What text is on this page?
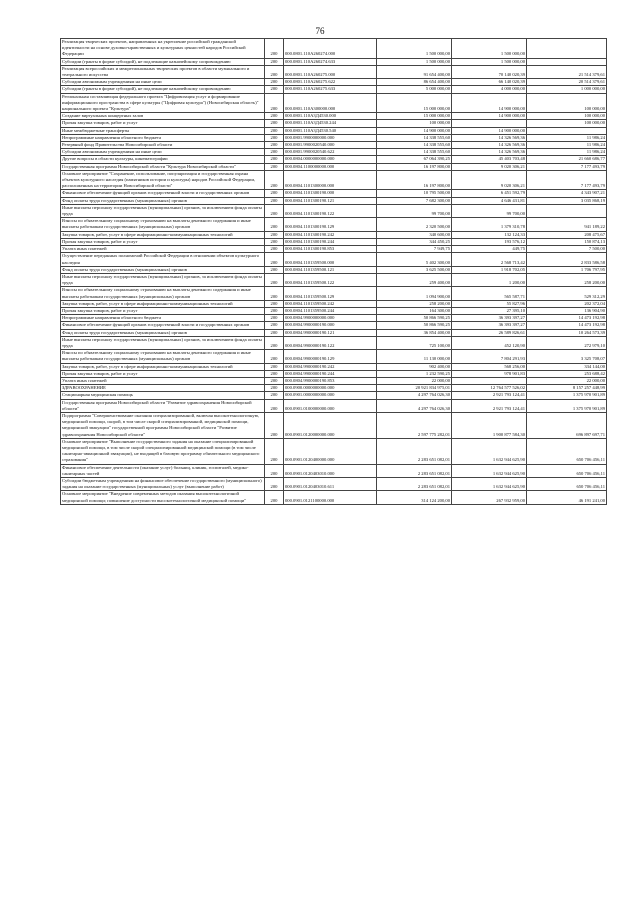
76
Реализация творческих проектов, направленных на укрепление российской гражданской идентичности на основе духовно-нравственных и культурных ценностей народов Российской Федерации	200	000.0801.110A260274.000	1 500 000,00	1 500 000,00	
Субсидии (гранты в форме субсидий), не подлежащие казначейскому сопровождению	200	000.0801.110A260274.633	1 500 000,00	1 500 000,00	
Реализация всероссийских и межрегиональных творческих проектов в области музыкального и театрального искусства	200	000.0801.110A260275.000	91 654 400,00	70 140 020,39	21 514 379,61
Субсидии автономным учреждениям на иные цели	200	000.0801.110A260275.622	86 654 400,00	66 140 020,39	20 514 379,61
Субсидии (гранты в форме субсидий), не подлежащие казначейскому сопровождению	200	000.0801.110A260275.633	5 000 000,00	4 000 000,00	1 000 000,00
Региональная составляющая федерального проекта "Цифровизация услуг и формирование информационного пространства в сфере культуры ("Цифровая культура") (Новосибирская область)" национального проекта "Культура"	200	000.0801.110A300000.000	15 000 000,00	14 900 000,00	100 000,00
Создание виртуальных концертных залов	200	000.0801.110A3Д4530.000	15 000 000,00	14 900 000,00	100 000,00
Прочая закупка товаров, работ и услуг	200	000.0801.110A3Д4530.244	100 000,00		100 000,00
Иные межбюджетные трансферты	200	000.0801.110A3Д4530.540	14 900 000,00	14 900 000,00	
Непрограммные направления областного бюджета	200	000.0801.9900000000.000	14 338 555,60	14 326 569,36	11 986,24
Резервный фонд Правительства Новосибирской области	200	000.0801.9900020540.000	14 338 555,60	14 326 569,36	11 986,24
Субсидии автономным учреждениям на иные цели	200	000.0801.9900020540.622	14 338 555,60	14 326 569,36	11 986,24
Другие вопросы в области культуры, кинематографии	200	000.0804.0000000000.000	67 064 390,25	45 403 703,48	21 660 686,77
Государственная программа Новосибирской области "Культура Новосибирской области"	200	000.0804.1100000000.000	16 197 800,00	9 020 306,21	7 177 493,79
Основное мероприятие "Сохранение, использование, популяризация и государственная охрана объектов культурного наследия (памятников истории и культуры) народов Российской Федерации, расположенных на территории Новосибирской области"	200	000.0804.1101300000.000	16 197 800,00	9 020 306,21	7 177 493,79
Финансовое обеспечение функций органов государственной власти и государственных органов	200	000.0804.1101300190.000	10 795 500,00	6 451 592,79	4 343 907,21
Фонд оплаты труда государственных (муниципальных) органов	200	000.0804.1101300190.121	7 682 300,00	4 646 431,81	3 035 868,19
Иные выплаты персоналу государственных (муниципальных) органов, за исключением фонда оплаты труда	200	000.0804.1101300190.122	99 700,00	99 700,00	
Взносы по обязательному социальному страхованию на выплаты денежного содержания и иные выплаты работникам государственных (муниципальных) органов	200	000.0804.1101300190.129	2 320 500,00	1 379 310,78	941 189,22
Закупка товаров, работ, услуг в сфере информационно-коммуникационных технологий	200	000.0804.1101300190.242	340 600,00	132 124,33	208 475,67
Прочая закупка товаров, работ и услуг	200	000.0804.1101300190.244	344 450,25	193 576,12	150 874,13
Уплата иных платежей	200	000.0804.1101300190.853	7 949,75	449,75	7 500,00
Осуществление переданных полномочий Российской Федерации в отношении объектов культурного наследия	200	000.0804.1101359500.000	5 402 300,00	2 568 713,42	2 833 586,58
Фонд оплаты труда государственных (муниципальных) органов	200	000.0804.1101359500.121	3 625 500,00	1 918 702,05	1 706 797,95
Иные выплаты персоналу государственных (муниципальных) органов, за исключением фонда оплаты труда	200	000.0804.1101359500.122	259 400,00	1 200,00	258 200,00
Взносы по обязательному социальному страхованию на выплаты денежного содержания и иные выплаты работникам государственных (муниципальных) органов	200	000.0804.1101359500.129	1 094 900,00	565 587,71	529 312,29
Закупка товаров, работ, услуг в сфере информационно-коммуникационных технологий	200	000.0804.1101359500.242	258 200,00	55 827,96	202 372,04
Прочая закупка товаров, работ и услуг	200	000.0804.1101359500.244	164 300,00	27 395,10	136 904,90
Непрограммные направления областного бюджета	200	000.0804.9900000000.000	50 866 590,25	36 393 397,27	14 473 192,98
Финансовое обеспечение функций органов государственной власти и государственных органов	200	000.0804.9900000190.000	50 866 590,25	36 393 397,27	14 473 192,98
Фонд оплаты труда государственных (муниципальных) органов	200	000.0804.9900000190.121	36 854 400,00	26 589 826,61	10 264 573,39
Иные выплаты персоналу государственных (муниципальных) органов, за исключением фонда оплаты труда	200	000.0804.9900000190.122	725 100,00	452 120,90	272 979,10
Взносы по обязательному социальному страхованию на выплаты денежного содержания и иные выплаты работникам государственных (муниципальных) органов	200	000.0804.9900000190.129	11 130 000,00	7 804 291,93	3 325 708,07
Закупка товаров, работ, услуг в сфере информационно-коммуникационных технологий	200	000.0804.9900000190.242	902 400,00	568 256,00	334 144,00
Прочая закупка товаров, работ и услуг	200	000.0804.9900000190.244	1 232 590,25	978 901,83	253 688,42
Уплата иных платежей	200	000.0804.9900000190.853	22 000,00		22 000,00
ЗДРАВООХРАНЕНИЕ	200	000.0900.0000000000.000	20 921 834 975,01	12 764 577 526,02	8 157 257 448,99
Стационарная медицинская помощь	200	000.0901.0000000000.000	4 297 764 026,30	2 921 793 124,41	1 375 970 901,89
Государственная программа Новосибирской области "Развитие здравоохранения Новосибирской области"	200	000.0901.0100000000.000	4 297 764 026,30	2 921 793 124,41	1 375 970 901,89
Подпрограмма "Совершенствование оказания специализированной, включая высокотехнологичную, медицинской помощи, скорой, в том числе скорой специализированной, медицинской помощи, медицинской эвакуации" государственной программы Новосибирской области "Развитие здравоохранения Новосибирской области"	200	000.0901.0120000000.000	2 597 775 282,01	1 900 877 584,30	696 897 697,71
Основное мероприятие "Выполнение государственного задания на оказание специализированной медицинской помощи, в том числе скорой специализированной медицинской помощи (в том числе санитарно-авиационной эвакуации), не входящей в базовую программу обязательного медицинского страхования"	200	000.0901.0120400000.000	2 283 651 082,01	1 632 944 625,90	650 706 456,11
Финансовое обеспечение деятельности (оказание услуг) больниц, клиник, госпиталей, медико-санитарных частей	200	000.0901.0120403010.000	2 283 651 082,01	1 632 944 625,90	650 706 456,11
Субсидии бюджетным учреждениям на финансовое обеспечение государственного (муниципального) задания на оказание государственных (муниципальных) услуг (выполнение работ)	200	000.0901.0120403010.611	2 283 651 082,01	1 632 944 625,90	650 706 456,11
Основное мероприятие "Внедрение современных методов оказания высокотехнологичной медицинской помощи; повышение доступности высокотехнологичной медицинской помощи"	200	000.0901.0121100000.000	314 124 200,00	267 932 959,00	46 191 241,00
